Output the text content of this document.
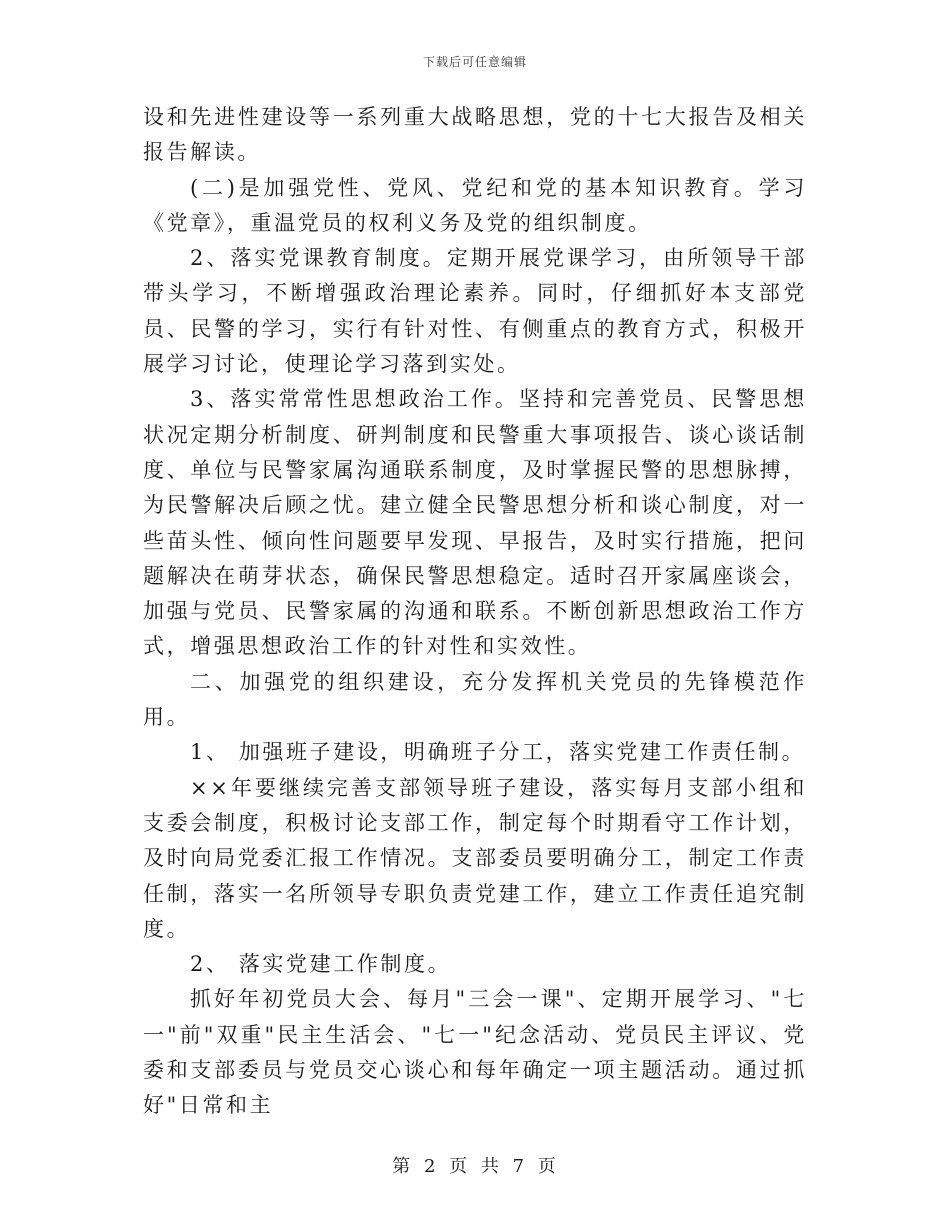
下载后可任意编辑

设和先进性建设等一系列重大战略思想，党的十七大报告及相关报告解读。

(二)是加强党性、党风、党纪和党的基本知识教育。学习《党章》，重温党员的权利义务及党的组织制度。

2、落实党课教育制度。定期开展党课学习，由所领导干部带头学习，不断增强政治理论素养。同时，仔细抓好本支部党员、民警的学习，实行有针对性、有侧重点的教育方式，积极开展学习讨论，使理论学习落到实处。

3、落实常常性思想政治工作。坚持和完善党员、民警思想状况定期分析制度、研判制度和民警重大事项报告、谈心谈话制度、单位与民警家属沟通联系制度，及时掌握民警的思想脉搏，为民警解决后顾之忧。建立健全民警思想分析和谈心制度，对一些苗头性、倾向性问题要早发现、早报告，及时实行措施，把问题解决在萌芽状态，确保民警思想稳定。适时召开家属座谈会，加强与党员、民警家属的沟通和联系。不断创新思想政治工作方式，增强思想政治工作的针对性和实效性。

二、加强党的组织建设，充分发挥机关党员的先锋模范作用。

1、 加强班子建设，明确班子分工，落实党建工作责任制。

××年要继续完善支部领导班子建设，落实每月支部小组和支委会制度，积极讨论支部工作，制定每个时期看守工作计划，及时向局党委汇报工作情况。支部委员要明确分工，制定工作责任制，落实一名所领导专职负责党建工作，建立工作责任追究制度。

2、 落实党建工作制度。

抓好年初党员大会、每月"三会一课"、定期开展学习、"七一"前"双重"民主生活会、"七一"纪念活动、党员民主评议、党委和支部委员与党员交心谈心和每年确定一项主题活动。通过抓好"日常和主

第 2 页 共 7 页
